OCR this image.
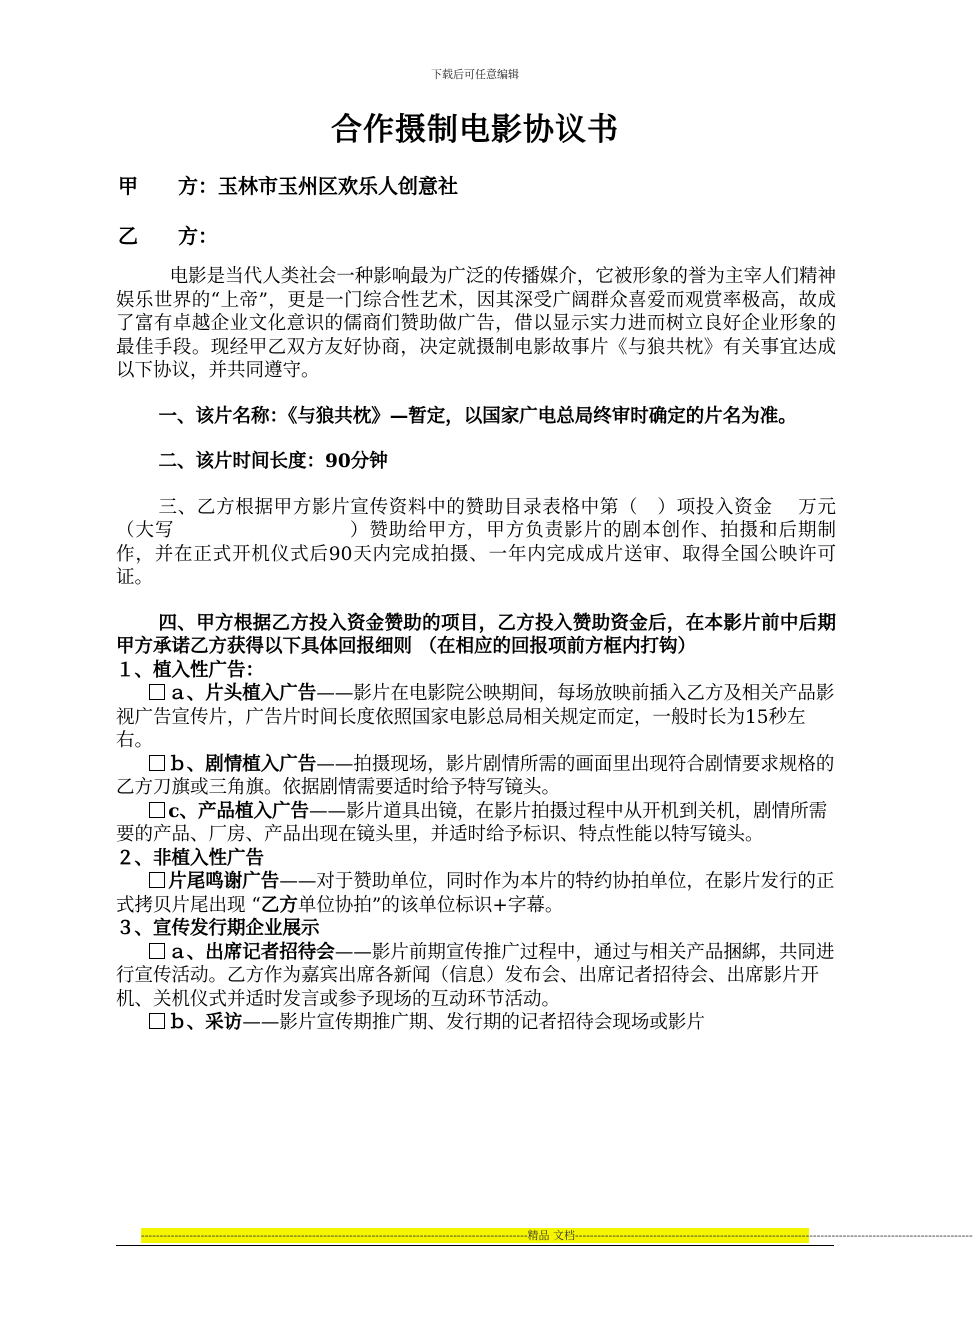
下载后可任意编辑
合作摄制电影协议书
甲　　方：玉林市玉州区欢乐人创意社
乙　　方：
电影是当代人类社会一种影响最为广泛的传播媒介，它被形象的誉为主宰人们精神娱乐世界的“上帝”，更是一门综合性艺术，因其深受广阔群众喜爱而观赏率极高，故成了富有卓越企业文化意识的儒商们赞助做广告，借以显示实力进而树立良好企业形象的最佳手段。现经甲乙双方友好协商，决定就摄制电影故事片《与狼共枕》有关事宜达成以下协议，并共同遵守。
一、该片名称：《与狼共枕》—暂定，以国家广电总局终审时确定的片名为准。
二、该片时间长度：90分钟
三、乙方根据甲方影片宣传资料中的赞助目录表格中第（　）项投入资金　 万元（大写　　　　　　　　　）赞助给甲方，甲方负责影片的剧本创作、拍摄和后期制作，并在正式开机仪式后90天内完成拍摄、一年内完成成片送审、取得全国公映许可证。
四、甲方根据乙方投入资金赞助的项目，乙方投入赞助资金后，在本影片前中后期甲方承诺乙方获得以下具体回报细则 （在相应的回报项前方框内打钩）
１、植入性广告：
ａ、片头植入广告——影片在电影院公映期间，每场放映前插入乙方及相关产品影视广告宣传片，广告片时间长度依照国家电影总局相关规定而定，一般时长为15秒左右。
ｂ、剧情植入广告——拍摄现场，影片剧情所需的画面里出现符合剧情要求规格的乙方刀旗或三角旗。依据剧情需要适时给予特写镜头。
c、产品植入广告——影片道具出镜，在影片拍摄过程中从开机到关机，剧情所需要的产品、厂房、产品出现在镜头里，并适时给予标识、特点性能以特写镜头。
２、非植入性广告
片尾鸣谢广告——对于赞助单位，同时作为本片的特约协拍单位，在影片发行的正式拷贝片尾出现 “乙方单位协拍”的该单位标识+字幕。
３、宣传发行期企业展示
ａ、出席记者招待会——影片前期宣传推广过程中，通过与相关产品捆綁，共同进行宣传活动。乙方作为嘉宾出席各新闻（信息）发布会、出席记者招待会、出席影片开机、关机仪式并适时发言或参予现场的互动环节活动。
ｂ、采访——影片宣传期推广期、发行期的记者招待会现场或影片
--------------------------------------------------------------------------------------------------------精品 文档-----------------------------------------------------------------------------------------------------------
